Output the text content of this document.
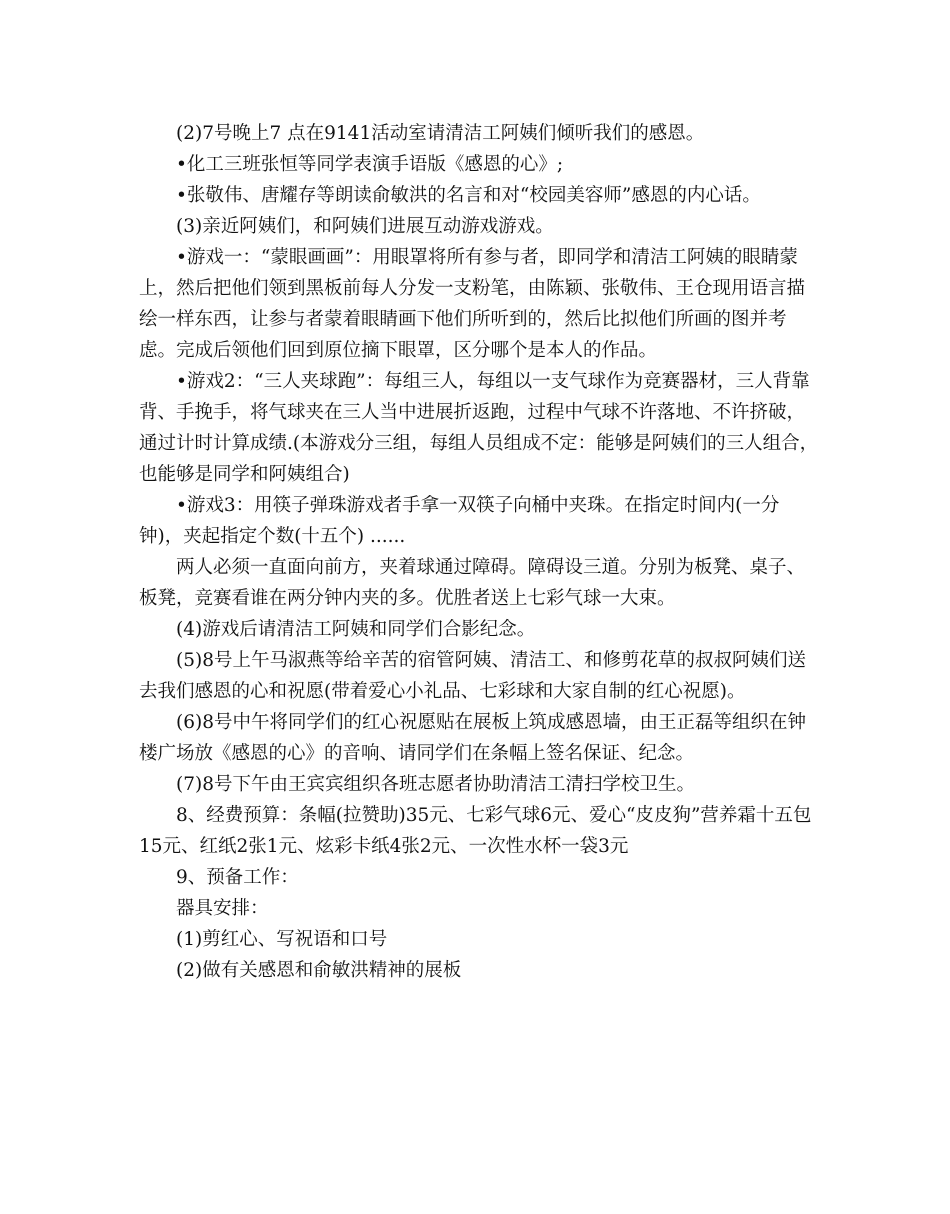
(2)7号晚上7 点在9141活动室请清洁工阿姨们倾听我们的感恩。

•化工三班张恒等同学表演手语版《感恩的心》;

•张敬伟、唐耀存等朗读俞敏洪的名言和对“校园美容师”感恩的内心话。

(3)亲近阿姨们，和阿姨们进展互动游戏游戏。

•游戏一：“蒙眼画画”：用眼罩将所有参与者，即同学和清洁工阿姨的眼睛蒙上，然后把他们领到黑板前每人分发一支粉笔，由陈颖、张敬伟、王仓现用语言描绘一样东西，让参与者蒙着眼睛画下他们所听到的，然后比拟他们所画的图并考虑。完成后领他们回到原位摘下眼罩，区分哪个是本人的作品。

•游戏2：“三人夹球跑”：每组三人，每组以一支气球作为竞赛器材，三人背靠背、手挽手，将气球夹在三人当中进展折返跑，过程中气球不许落地、不许挤破，通过计时计算成绩.(本游戏分三组，每组人员组成不定：能够是阿姨们的三人组合，也能够是同学和阿姨组合)

•游戏3：用筷子弹珠游戏者手拿一双筷子向桶中夹珠。在指定时间内(一分钟)，夹起指定个数(十五个) ......

两人必须一直面向前方，夹着球通过障碍。障碍设三道。分别为板凳、桌子、板凳，竞赛看谁在两分钟内夹的多。优胜者送上七彩气球一大束。

(4)游戏后请清洁工阿姨和同学们合影纪念。

(5)8号上午马淑燕等给辛苦的宿管阿姨、清洁工、和修剪花草的叔叔阿姨们送去我们感恩的心和祝愿(带着爱心小礼品、七彩球和大家自制的红心祝愿)。

(6)8号中午将同学们的红心祝愿贴在展板上筑成感恩墙，由王正磊等组织在钟楼广场放《感恩的心》的音响、请同学们在条幅上签名保证、纪念。

(7)8号下午由王宾宾组织各班志愿者协助清洁工清扫学校卫生。

8、经费预算：条幅(拉赞助)35元、七彩气球6元、爱心“皮皮狗”营养霜十五包15元、红纸2张1元、炫彩卡纸4张2元、一次性水杯一袋3元

9、预备工作：

器具安排：

(1)剪红心、写祝语和口号

(2)做有关感恩和俞敏洪精神的展板
